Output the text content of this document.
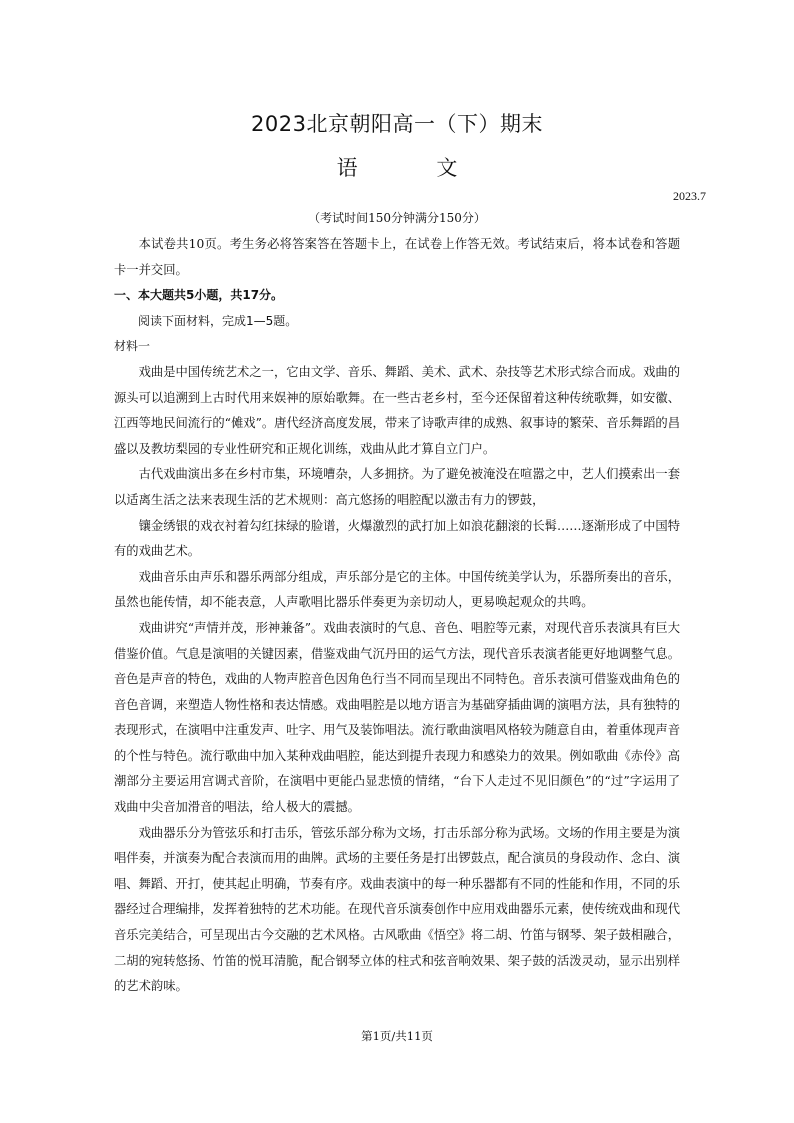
2023北京朝阳高一（下）期末
语 文
2023.7
（考试时间150分钟满分150分）

本试卷共10页。考生务必将答案答在答题卡上，在试卷上作答无效。考试结束后，将本试卷和答题卡一并交回。

一、本大题共5小题，共17分。

阅读下面材料，完成1—5题。

材料一

戏曲是中国传统艺术之一，它由文学、音乐、舞蹈、美术、武术、杂技等艺术形式综合而成。戏曲的源头可以追溯到上古时代用来娱神的原始歌舞。在一些古老乡村，至今还保留着这种传统歌舞，如安徽、江西等地民间流行的“傩戏”。唐代经济高度发展，带来了诗歌声律的成熟、叙事诗的繁荣、音乐舞蹈的昌盛以及教坊梨园的专业性研究和正规化训练，戏曲从此才算自立门户。

古代戏曲演出多在乡村市集，环境嘈杂，人多拥挤。为了避免被淹没在喧嚣之中，艺人们摸索出一套以适离生活之法来表现生活的艺术规则：高亢悠扬的唱腔配以激击有力的锣鼓，

镶金绣银的戏衣衬着勾红抹绿的脸谱，火爆激烈的武打加上如浪花翻滚的长髯……逐渐形成了中国特有的戏曲艺术。

戏曲音乐由声乐和器乐两部分组成，声乐部分是它的主体。中国传统美学认为，乐器所奏出的音乐，虽然也能传情，却不能表意，人声歌唱比器乐伴奏更为亲切动人，更易唤起观众的共鸣。

戏曲讲究“声情并茂，形神兼备”。戏曲表演时的气息、音色、唱腔等元素，对现代音乐表演具有巨大借鉴价值。气息是演唱的关键因素，借鉴戏曲气沉丹田的运气方法，现代音乐表演者能更好地调整气息。音色是声音的特色，戏曲的人物声腔音色因角色行当不同而呈现出不同特色。音乐表演可借鉴戏曲角色的音色音调，来塑造人物性格和表达情感。戏曲唱腔是以地方语言为基础穿插曲调的演唱方法，具有独特的表现形式，在演唱中注重发声、吐字、用气及装饰唱法。流行歌曲演唱风格较为随意自由，着重体现声音的个性与特色。流行歌曲中加入某种戏曲唱腔，能达到提升表现力和感染力的效果。例如歌曲《赤伶》高潮部分主要运用宫调式音阶，在演唱中更能凸显悲愤的情绪，“台下人走过不见旧颜色”的“过”字运用了戏曲中尖音加滑音的唱法，给人极大的震撼。

戏曲器乐分为管弦乐和打击乐，管弦乐部分称为文场，打击乐部分称为武场。文场的作用主要是为演唱伴奏，并演奏为配合表演而用的曲牌。武场的主要任务是打出锣鼓点，配合演员的身段动作、念白、演唱、舞蹈、开打，使其起止明确，节奏有序。戏曲表演中的每一种乐器都有不同的性能和作用，不同的乐器经过合理编排，发挥着独特的艺术功能。在现代音乐演奏创作中应用戏曲器乐元素，使传统戏曲和现代音乐完美结合，可呈现出古今交融的艺术风格。古风歌曲《悟空》将二胡、竹笛与钢琴、架子鼓相融合，二胡的宛转悠扬、竹笛的悦耳清脆，配合钢琴立体的柱式和弦音响效果、架子鼓的活泼灵动，显示出别样的艺术韵味。

第1页/共11页
